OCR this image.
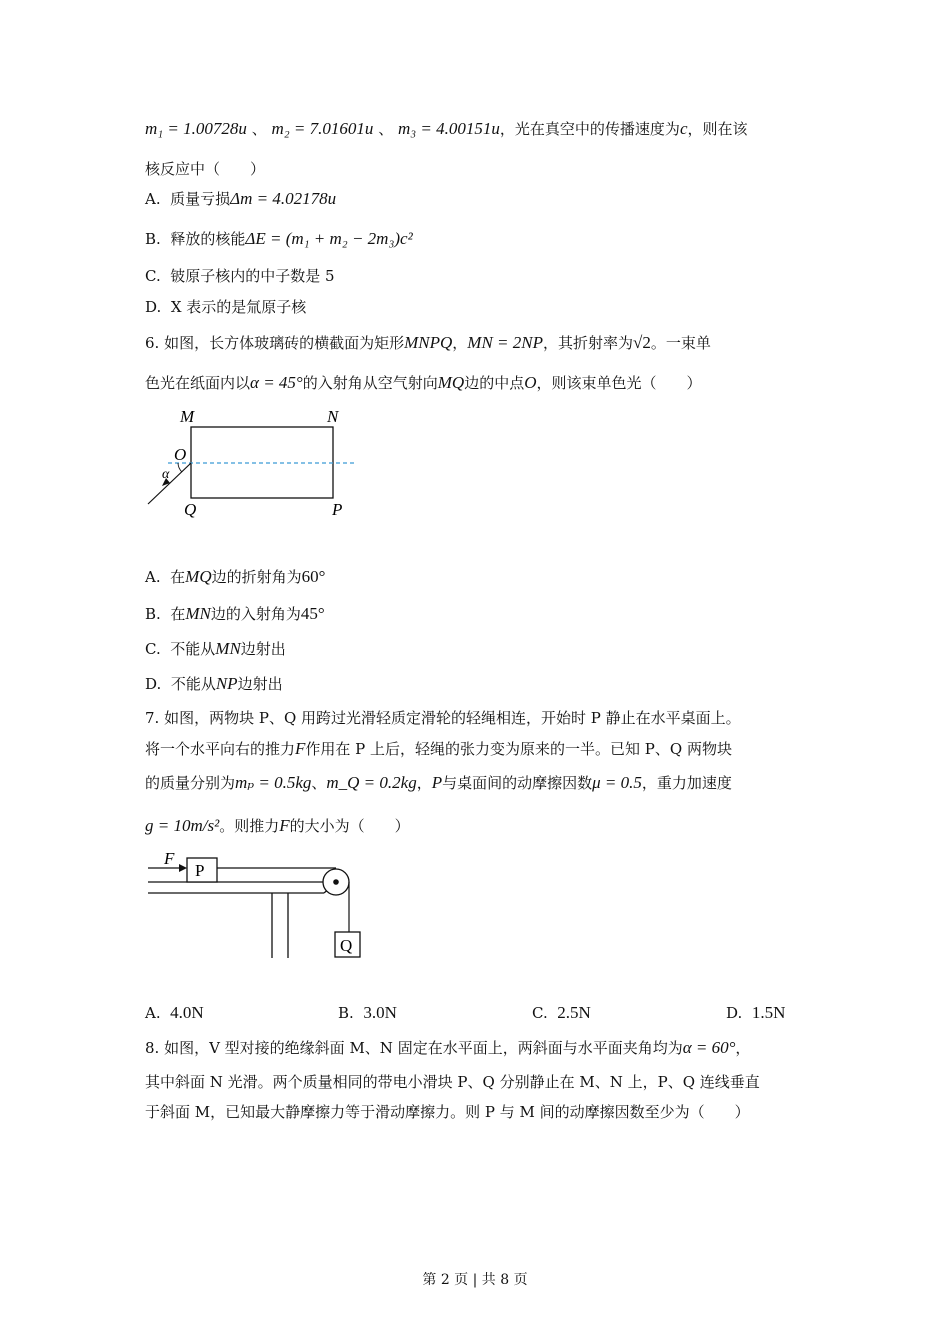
m₁ = 1.00728u 、 m₂ = 7.01601u 、 m₃ = 4.00151u，光在真空中的传播速度为c，则在该
核反应中（　　）
A. 质量亏损Δm = 4.02178u
B. 释放的核能ΔE = (m₁ + m₂ − 2m₃)c²
C. 铍原子核内的中子数是 5
D. X 表示的是氚原子核
6. 如图，长方体玻璃砖的横截面为矩形MNPQ，MN = 2NP，其折射率为√2。一束单
色光在纸面内以α = 45°的入射角从空气射向MQ边的中点O，则该束单色光（　　）
M	N
O
α
Q	P
A. 在MQ边的折射角为60°
B. 在MN边的入射角为45°
C. 不能从MN边射出
D. 不能从NP边射出
7. 如图，两物块 P、Q 用跨过光滑轻质定滑轮的轻绳相连，开始时 P 静止在水平桌面上。
将一个水平向右的推力F作用在 P 上后，轻绳的张力变为原来的一半。已知 P、Q 两物块
的质量分别为mₚ = 0.5kg、m_Q = 0.2kg，P与桌面间的动摩擦因数μ = 0.5，重力加速度
g = 10m/s²。则推力F的大小为（　　）
P
Q
F
A. 4.0N	B. 3.0N	C. 2.5N	D. 1.5N
8. 如图，V 型对接的绝缘斜面 M、N 固定在水平面上，两斜面与水平面夹角均为α = 60°，
其中斜面 N 光滑。两个质量相同的带电小滑块 P、Q 分别静止在 M、N 上，P、Q 连线垂直
于斜面 M，已知最大静摩擦力等于滑动摩擦力。则 P 与 M 间的动摩擦因数至少为（　　）
第 2 页 | 共 8 页
